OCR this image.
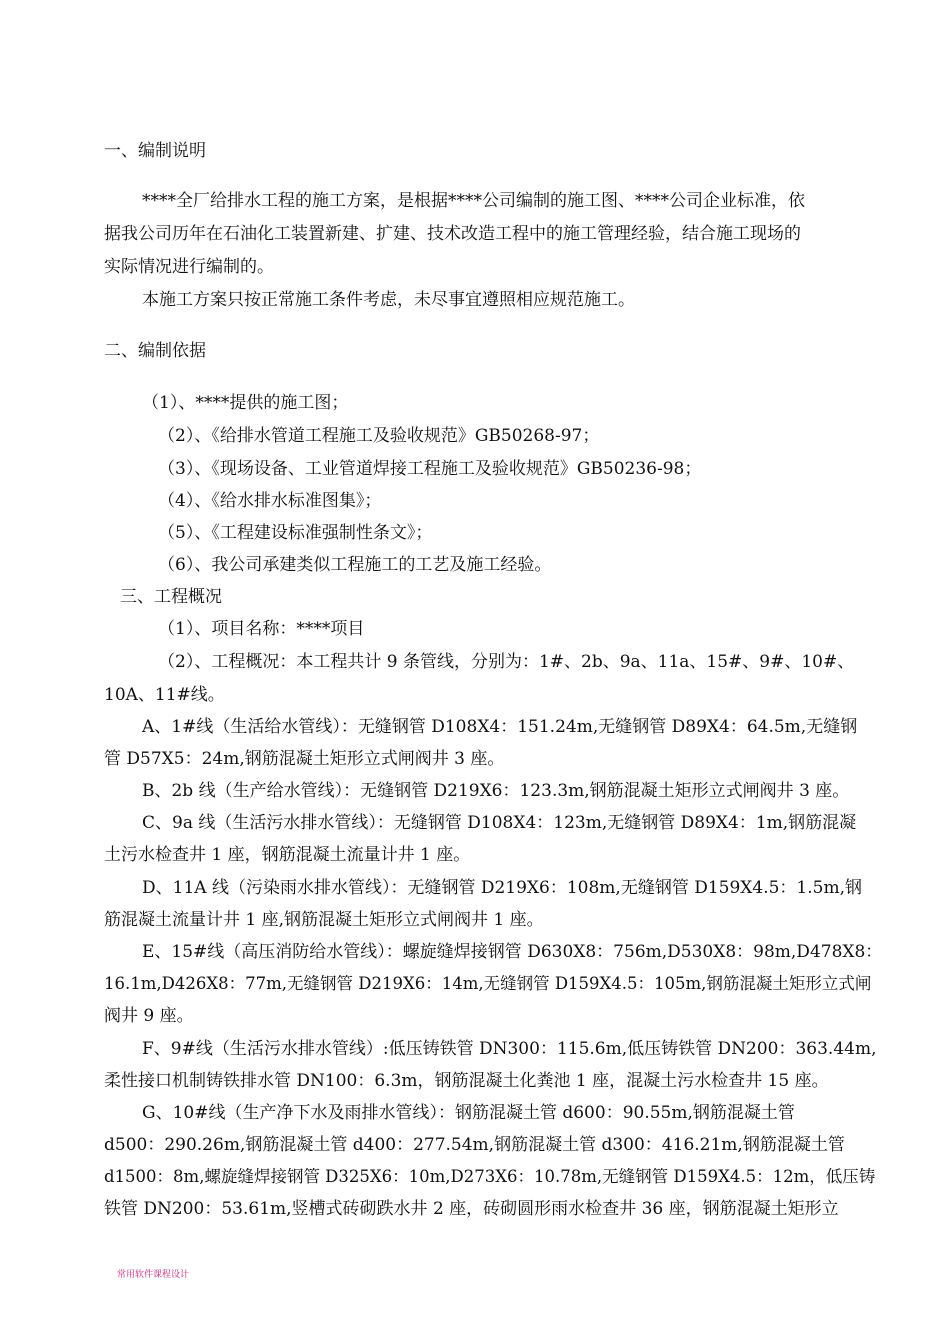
一、编制说明
****全厂给排水工程的施工方案，是根据****公司编制的施工图、****公司企业标准，依
据我公司历年在石油化工装置新建、扩建、技术改造工程中的施工管理经验，结合施工现场的
实际情况进行编制的。
本施工方案只按正常施工条件考虑，未尽事宜遵照相应规范施工。
二、编制依据
（1）、****提供的施工图；
（2）、《给排水管道工程施工及验收规范》GB50268-97；
（3）、《现场设备、工业管道焊接工程施工及验收规范》GB50236-98；
（4）、《给水排水标准图集》；
（5）、《工程建设标准强制性条文》；
（6）、我公司承建类似工程施工的工艺及施工经验。
三、工程概况
（1）、项目名称：****项目
（2）、工程概况：本工程共计 9 条管线，分别为：1#、2b、9a、11a、15#、9#、10#、
10A、11#线。
A、1#线（生活给水管线）：无缝钢管 D108X4：151.24m,无缝钢管 D89X4：64.5m,无缝钢
管 D57X5：24m,钢筋混凝土矩形立式闸阀井 3 座。
B、2b 线（生产给水管线）：无缝钢管 D219X6：123.3m,钢筋混凝土矩形立式闸阀井 3 座。
C、9a 线（生活污水排水管线）：无缝钢管 D108X4：123m,无缝钢管 D89X4：1m,钢筋混凝
土污水检查井 1 座，钢筋混凝土流量计井 1 座。
D、11A 线（污染雨水排水管线）：无缝钢管 D219X6：108m,无缝钢管 D159X4.5：1.5m,钢
筋混凝土流量计井 1 座,钢筋混凝土矩形立式闸阀井 1 座。
E、15#线（高压消防给水管线）：螺旋缝焊接钢管 D630X8：756m,D530X8：98m,D478X8：
16.1m,D426X8：77m,无缝钢管 D219X6：14m,无缝钢管 D159X4.5：105m,钢筋混凝土矩形立式闸
阀井 9 座。
F、9#线（生活污水排水管线）:低压铸铁管 DN300：115.6m,低压铸铁管 DN200：363.44m,
柔性接口机制铸铁排水管 DN100：6.3m，钢筋混凝土化粪池 1 座，混凝土污水检查井 15 座。
G、10#线（生产净下水及雨排水管线）：钢筋混凝土管 d600：90.55m,钢筋混凝土管
d500：290.26m,钢筋混凝土管 d400：277.54m,钢筋混凝土管 d300：416.21m,钢筋混凝土管
d1500：8m,螺旋缝焊接钢管 D325X6：10m,D273X6：10.78m,无缝钢管 D159X4.5：12m，低压铸
铁管 DN200：53.61m,竖槽式砖砌跌水井 2 座，砖砌圆形雨水检查井 36 座，钢筋混凝土矩形立
常用软件课程设计
